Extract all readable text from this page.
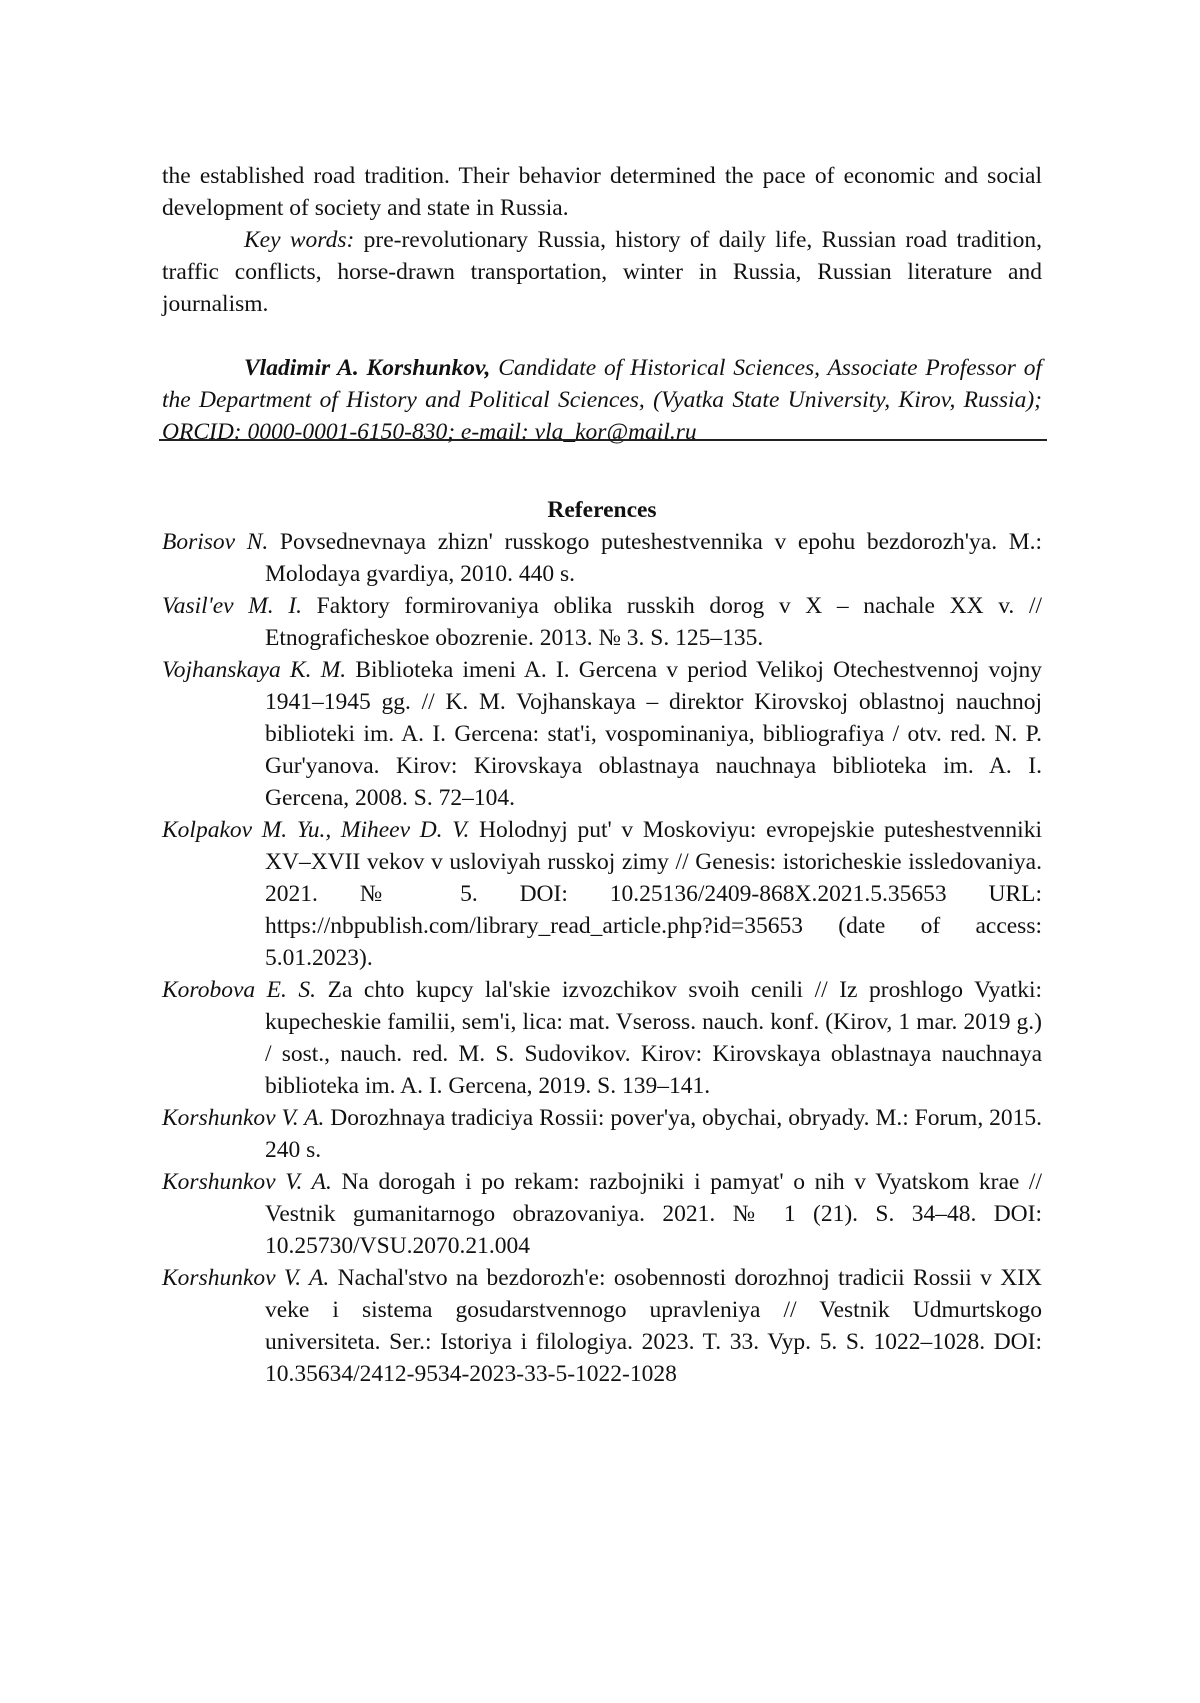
the established road tradition. Their behavior determined the pace of economic and social development of society and state in Russia.

Key words: pre-revolutionary Russia, history of daily life, Russian road tradition, traffic conflicts, horse-drawn transportation, winter in Russia, Russian literature and journalism.

Vladimir A. Korshunkov, Candidate of Historical Sciences, Associate Professor of the Department of History and Political Sciences, (Vyatka State University, Kirov, Russia); ORCID: 0000-0001-6150-830; e-mail: vla_kor@mail.ru

References

Borisov N. Povsednevnaya zhizn' russkogo puteshestvennika v epohu bezdorozh'ya. M.: Molodaya gvardiya, 2010. 440 s.

Vasil'ev M. I. Faktory formirovaniya oblika russkih dorog v X – nachale XX v. // Etnograficheskoe obozrenie. 2013. № 3. S. 125–135.

Vojhanskaya K. M. Biblioteka imeni A. I. Gercena v period Velikoj Otechestvennoj vojny 1941–1945 gg. // K. M. Vojhanskaya – direktor Kirovskoj oblastnoj nauchnoj biblioteki im. A. I. Gercena: stat'i, vospominaniya, bibliografiya / otv. red. N. P. Gur'yanova. Kirov: Kirovskaya oblastnaya nauchnaya biblioteka im. A. I. Gercena, 2008. S. 72–104.

Kolpakov M. Yu., Miheev D. V. Holodnyj put' v Moskoviyu: evropejskie puteshestvenniki XV–XVII vekov v usloviyah russkoj zimy // Genesis: istoricheskie issledovaniya. 2021. № 5. DOI: 10.25136/2409-868X.2021.5.35653 URL: https://nbpublish.com/library_read_article.php?id=35653 (date of access: 5.01.2023).

Korobova E. S. Za chto kupcy lal'skie izvozchikov svoih cenili // Iz proshlogo Vyatki: kupecheskie familii, sem'i, lica: mat. Vseross. nauch. konf. (Kirov, 1 mar. 2019 g.) / sost., nauch. red. M. S. Sudovikov. Kirov: Kirovskaya oblastnaya nauchnaya biblioteka im. A. I. Gercena, 2019. S. 139–141.

Korshunkov V. A. Dorozhnaya tradiciya Rossii: pover'ya, obychai, obryady. M.: Forum, 2015. 240 s.

Korshunkov V. A. Na dorogah i po rekam: razbojniki i pamyat' o nih v Vyatskom krae // Vestnik gumanitarnogo obrazovaniya. 2021. № 1 (21). S. 34–48. DOI: 10.25730/VSU.2070.21.004

Korshunkov V. A. Nachal'stvo na bezdorozh'e: osobennosti dorozhnoj tradicii Rossii v XIX veke i sistema gosudarstvennogo upravleniya // Vestnik Udmurtskogo universiteta. Ser.: Istoriya i filologiya. 2023. T. 33. Vyp. 5. S. 1022–1028. DOI: 10.35634/2412-9534-2023-33-5-1022-1028
